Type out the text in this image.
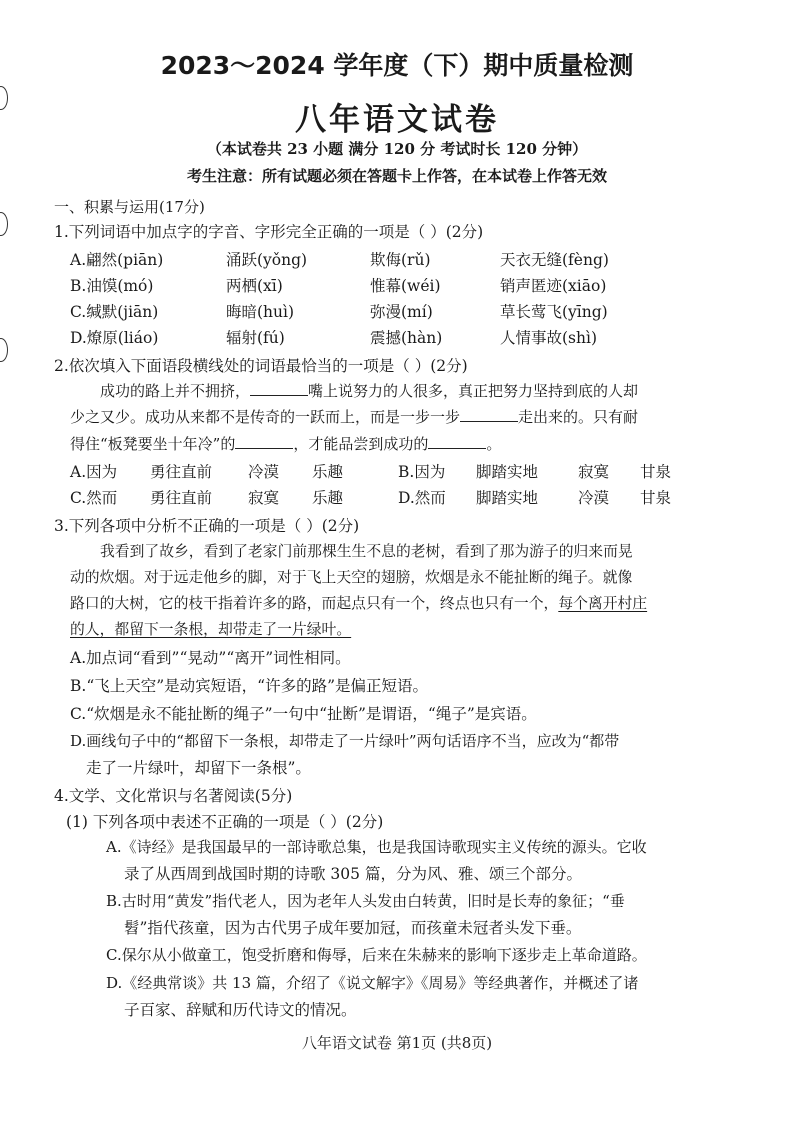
2023～2024 学年度（下）期中质量检测
八年语文试卷
（本试卷共 23 小题 满分 120 分 考试时长 120 分钟）
考生注意：所有试题必须在答题卡上作答，在本试卷上作答无效
一、积累与运用(17分)
1.下列词语中加点字的字音、字形完全正确的一项是（ ）(2分)
A.翩然(piān)	涌跃(yǒng)	欺侮(rǔ)	天衣无缝(fèng)
B.油馍(mó)	两栖(xī)	惟幕(wéi)	销声匿迹(xiāo)
C.缄默(jiān)	晦暗(huì)	弥漫(mí)	草长莺飞(yīng)
D.燎原(liáo)	辐射(fú)	震撼(hàn)	人情事故(shì)
2.依次填入下面语段横线处的词语最恰当的一项是（ ）(2分)
成功的路上并不拥挤，	嘴上说努力的人很多，真正把努力坚持到底的人却
少之又少。成功从来都不是传奇的一跃而上，而是一步一步	走出来的。只有耐
得住“板凳要坐十年冷”的	，才能品尝到成功的	。
A.因为 勇往直前 冷漠 乐趣	B.因为 脚踏实地	寂寞 甘泉
C.然而 勇往直前 寂寞 乐趣	D.然而 脚踏实地	冷漠 甘泉
3.下列各项中分析不正确的一项是（ ）(2分)
我看到了故乡，看到了老家门前那棵生生不息的老树，看到了那为游子的归来而晃
动的炊烟。对于远走他乡的脚，对于飞上天空的翅膀，炊烟是永不能扯断的绳子。就像
路口的大树，它的枝干指着许多的路，而起点只有一个，终点也只有一个，每个离开村庄
的人，都留下一条根，却带走了一片绿叶。
A.加点词“看到”“晃动”“离开”词性相同。
B.“飞上天空”是动宾短语，“许多的路”是偏正短语。
C.“炊烟是永不能扯断的绳子”一句中“扯断”是谓语，“绳子”是宾语。
D.画线句子中的“都留下一条根，却带走了一片绿叶”两句话语序不当，应改为“都带
走了一片绿叶，却留下一条根”。
4.文学、文化常识与名著阅读(5分)
(1) 下列各项中表述不正确的一项是（ ）(2分)
A.《诗经》是我国最早的一部诗歌总集，也是我国诗歌现实主义传统的源头。它收
录了从西周到战国时期的诗歌 305 篇，分为风、雅、颂三个部分。
B.古时用“黄发”指代老人，因为老年人头发由白转黄，旧时是长寿的象征；“垂
髫”指代孩童，因为古代男子成年要加冠，而孩童未冠者头发下垂。
C.保尔从小做童工，饱受折磨和侮辱，后来在朱赫来的影响下逐步走上革命道路。
D.《经典常谈》共 13 篇，介绍了《说文解字》《周易》等经典著作，并概述了诸
子百家、辞赋和历代诗文的情况。
八年语文试卷 第1页 (共8页)
